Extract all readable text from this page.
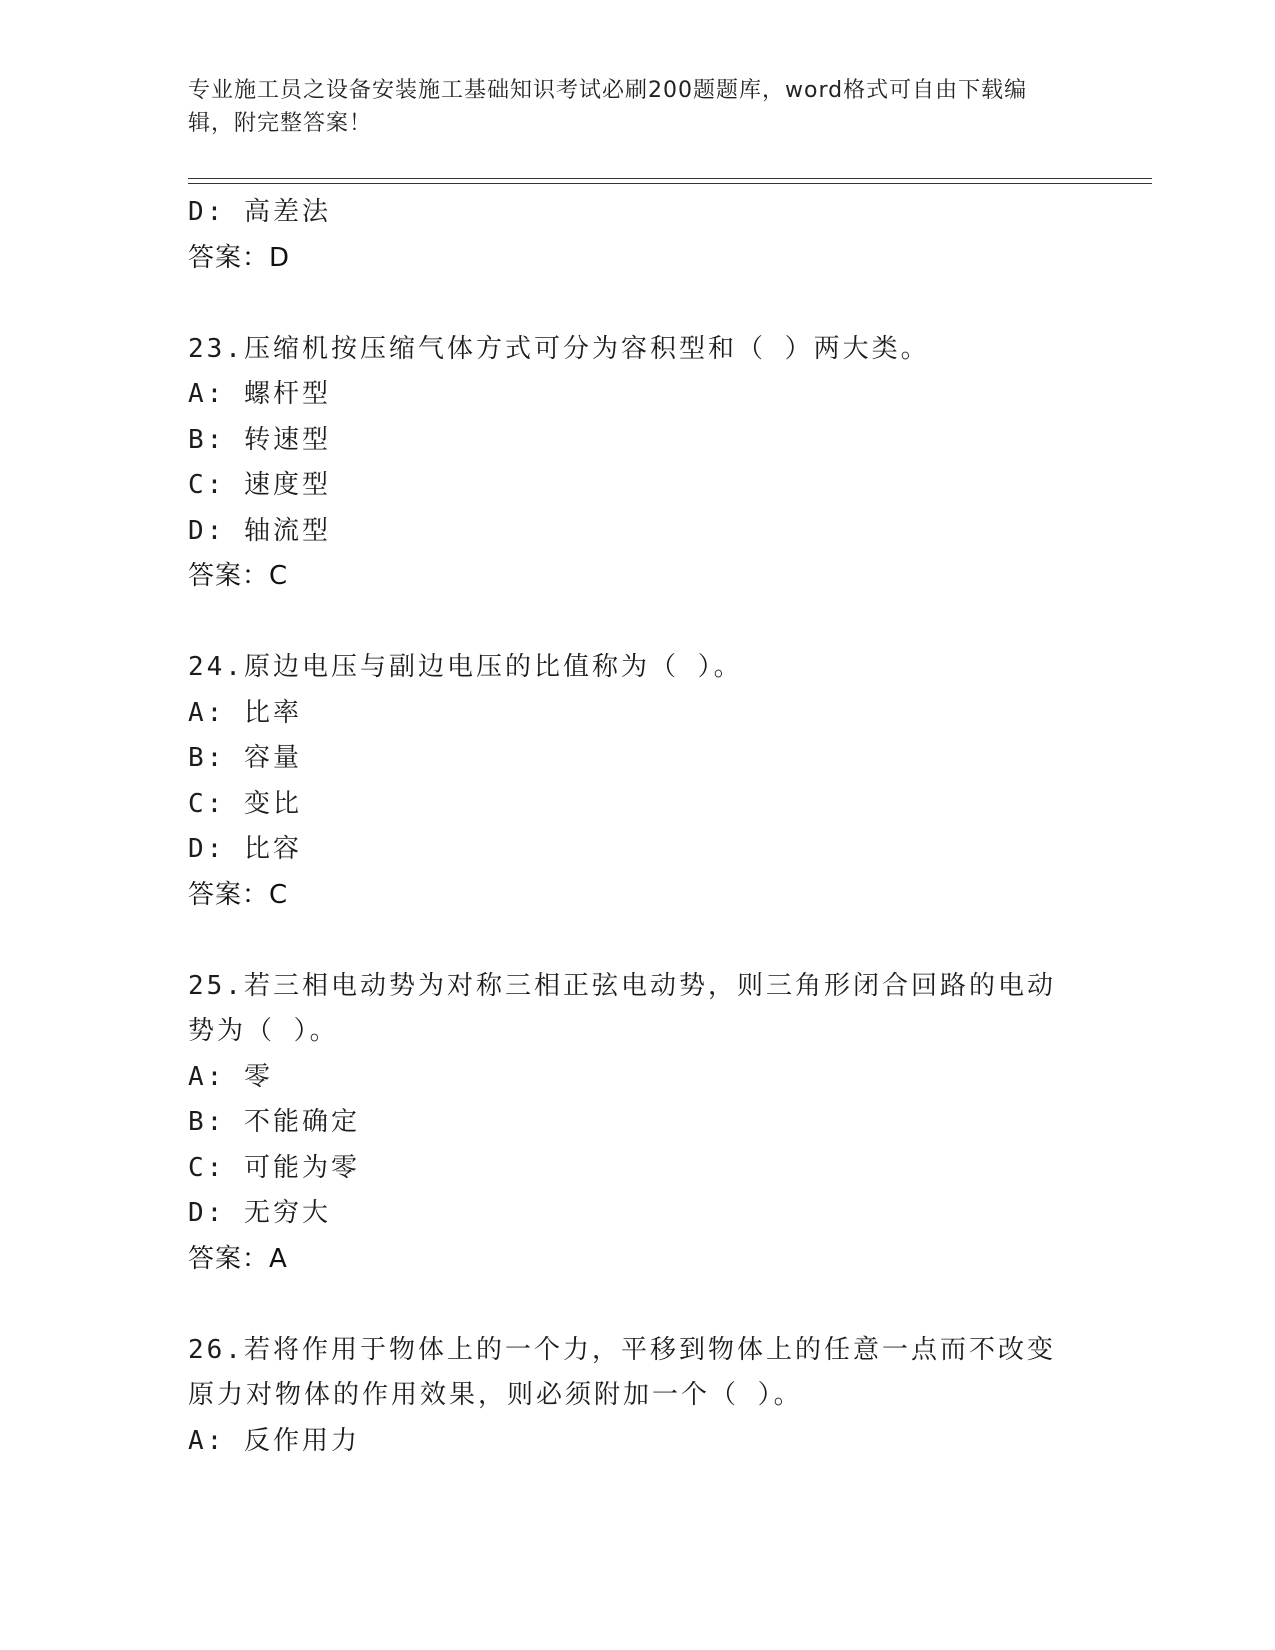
专业施工员之设备安装施工基础知识考试必刷200题题库，word格式可自由下载编辑，附完整答案！
D: 高差法
答案：D
23.压缩机按压缩气体方式可分为容积型和（ ）两大类。
A: 螺杆型
B: 转速型
C: 速度型
D: 轴流型
答案：C
24.原边电压与副边电压的比值称为（ ）。
A: 比率
B: 容量
C: 变比
D: 比容
答案：C
25.若三相电动势为对称三相正弦电动势，则三角形闭合回路的电动势为（ ）。
A: 零
B: 不能确定
C: 可能为零
D: 无穷大
答案：A
26.若将作用于物体上的一个力，平移到物体上的任意一点而不改变原力对物体的作用效果，则必须附加一个（ ）。
A: 反作用力
